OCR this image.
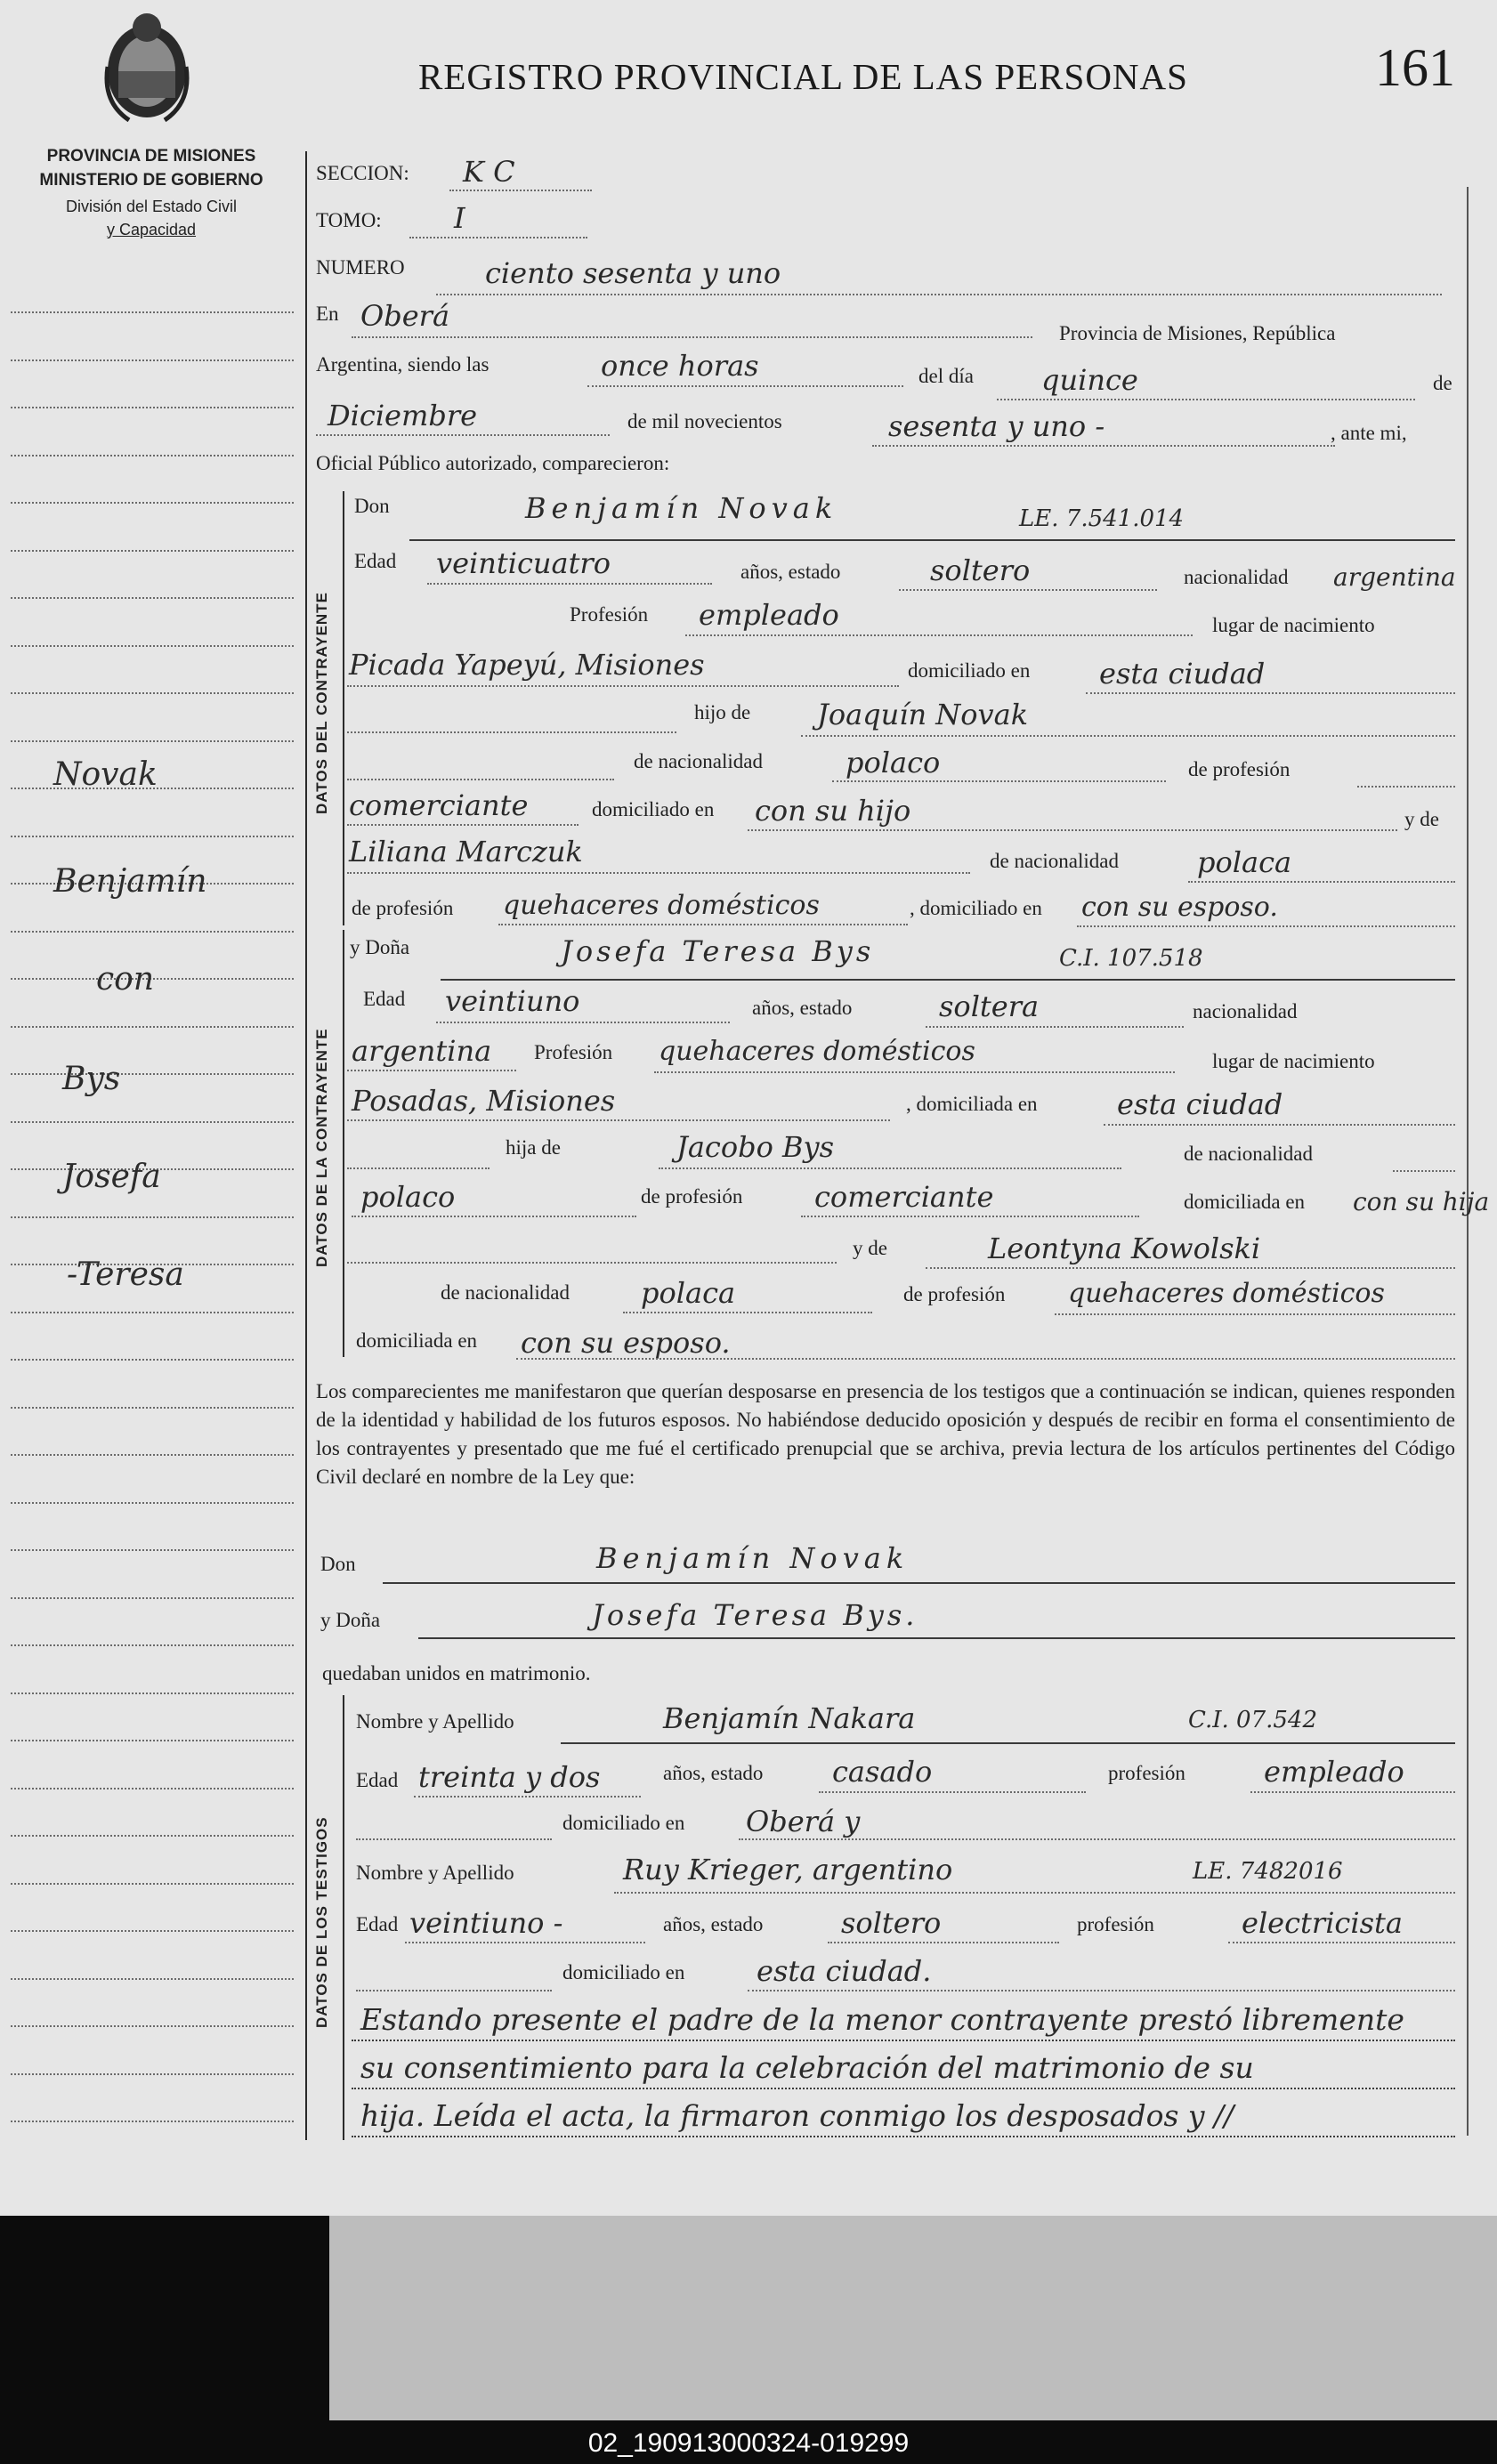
PROVINCIA DE MISIONES
MINISTERIO DE GOBIERNO
División del Estado Civil
y Capacidad
REGISTRO PROVINCIAL DE LAS PERSONAS	161
Novak
Benjamín
con
Bys
Josefa
-Teresa
SECCION: K C
TOMO:	I
NUMERO	ciento sesenta y uno
En Oberá
Provincia de Misiones, República
Argentina, siendo las	once horas	del día quince	de
Diciembre	de mil novecientos	sesenta y uno -	, ante mi,
Oficial Público autorizado, comparecieron:
DATOS DEL CONTRAYENTE
Don	Benjamín Novak	LE. 7.541.014
Edad veinticuatro	años, estado	soltero	nacionalidad argentina
Profesión empleado	lugar de nacimiento
Picada Yapeyú, Misiones	domiciliado en esta ciudad
hijo de Joaquín Novak
de nacionalidad	polaco	de profesión
comerciante	domiciliado en con su hijo	y de
Liliana Marczuk	de nacionalidad	polaca
de profesión quehaceres domésticos	, domiciliado en con su esposo.
DATOS DE LA CONTRAYENTE
y Doña	Josefa Teresa Bys	C.I. 107.518
Edad veintiuno	años, estado	soltera	nacionalidad
argentina Profesión quehaceres domésticos	lugar de nacimiento
Posadas, Misiones	, domiciliada en	esta ciudad
hija de	Jacobo Bys	de nacionalidad
polaco	de profesión	comerciante	domiciliada en con su hija
y de	Leontyna Kowolski
de nacionalidad	polaca	de profesión quehaceres domésticos
domiciliada en con su esposo.
Los comparecientes me manifestaron que querían desposarse en presencia de los testigos que a continuación se indican, quienes responden de la identidad y habilidad de los futuros esposos. No habiéndose deducido oposición y después de recibir en forma el consentimiento de los contrayentes y presentado que me fué el certificado prenupcial que se archiva, previa lectura de los artículos pertinentes del Código Civil declaré en nombre de la Ley que:
Don	Benjamín Novak
y Doña	Josefa Teresa Bys.
quedaban unidos en matrimonio.
DATOS DE LOS TESTIGOS
Nombre y Apellido	Benjamín Nakara	C.I. 07.542
Edad treinta y dos	años, estado casado	profesión	empleado
domiciliado en Oberá y
Nombre y Apellido	Ruy Krieger, argentino	LE. 7482016
Edad veintiuno -	años, estado	soltero	profesión	electricista
domiciliado en	esta ciudad.
Estando presente el padre de la menor contrayente prestó libremente
su consentimiento para la celebración del matrimonio de su
hija. Leída el acta, la firmaron conmigo los desposados y //
02_190913000324-019299
